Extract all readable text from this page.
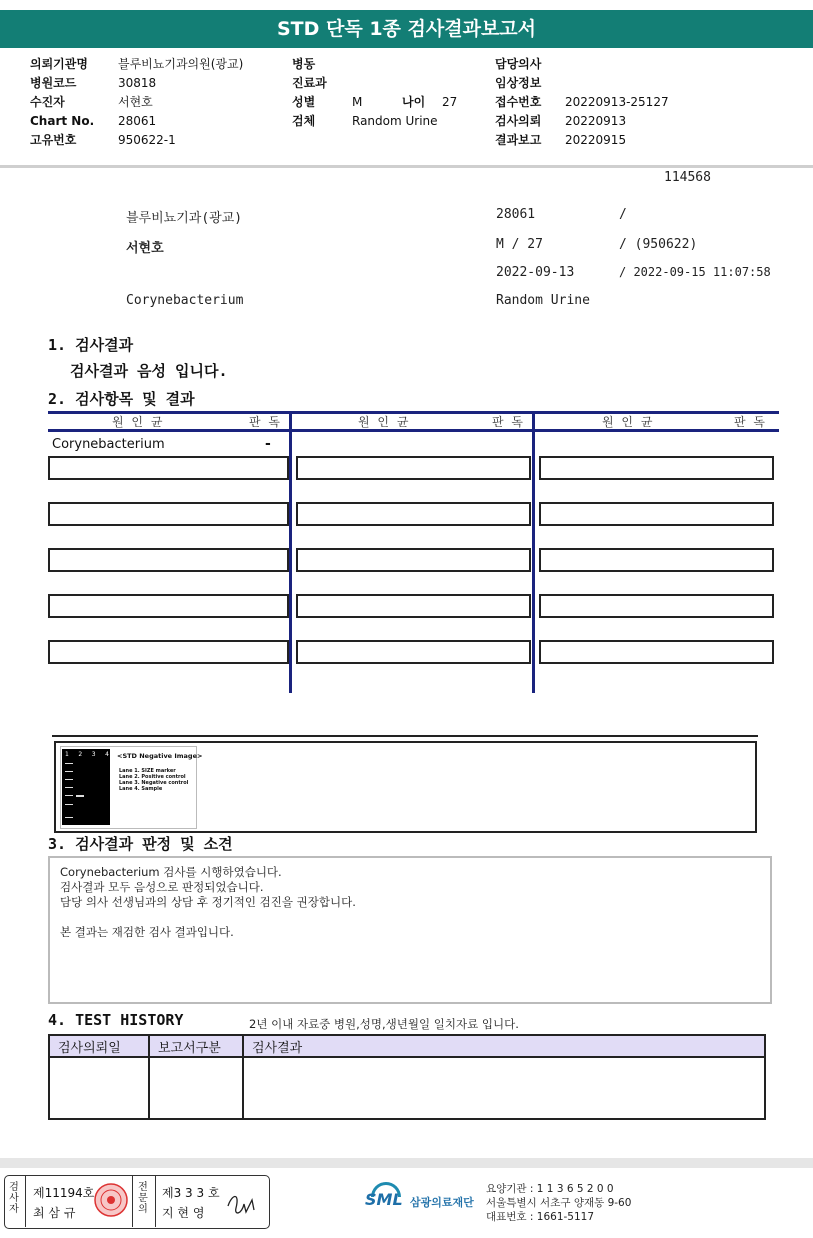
STD 단독 1종 검사결과보고서
의뢰기관명	블루비뇨기과의원(광교)
병원코드	30818
수진자	서현호
Chart No. 28061
고유번호	950622-1
병동
진료과
성별	M	나이 27
검체	Random Urine
담당의사
임상정보
접수번호 20220913-25127
검사의뢰 20220913
결과보고 20220915
114568
블루비뇨기과(광교)	28061	/
서현호	M / 27	/ (950622)
2022-09-13	/ 2022-09-15 11:07:58
Corynebacterium	Random Urine
1. 검사결과
검사결과 음성 입니다.
2. 검사항목 및 결과
원 인 균	판 독	원 인 균	판 독	원 인 균	판 독
Corynebacterium	-
1 2 3 4 <STD Negative Image>
Lane 1. SIZE marker
Lane 2. Positive control
Lane 3. Negative control
Lane 4. Sample
3. 검사결과 판정 및 소견
Corynebacterium 검사를 시행하였습니다.
검사결과 모두 음성으로 판정되었습니다.
담당 의사 선생님과의 상담 후 정기적인 검진을 권장합니다.
본 결과는 재검한 검사 결과입니다.
4. TEST HISTORY	2년 이내 자료중 병원,성명,생년월일 일치자료 입니다.
검사의뢰일	보고서구분	검사결과

검사자
제11194호
최 삼 규
전문의
제3 3 3 호
지 현 영
SML 삼광의료재단
요양기관 : 1 1 3 6 5 2 0 0
서울특별시 서초구 양재동 9-60
대표번호 : 1661-5117
